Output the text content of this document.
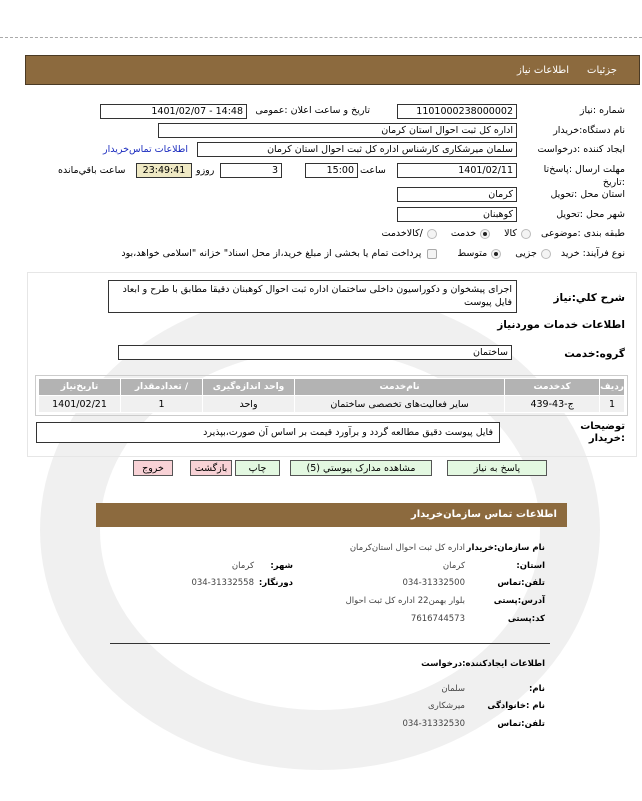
جزئیات
اطلاعات نیاز
شماره :نیاز
1101000238000002
تاریخ و ساعت اعلان :عمومی
1401/02/07 - 14:48
نام دستگاه:خریدار
اداره کل ثبت احوال استان کرمان
ایجاد کننده :درخواست
سلمان میرشکاری کارشناس اداره کل ثبت احوال استان کرمان
اطلاعات تماس‌خریدار
مهلت ارسال :پاسخ‌تا :تاریخ
1401/02/11
ساعت
15:00
3
روزو
23:49:41
ساعت باقي‌مانده
استان محل :تحویل
کرمان
شهر محل :تحویل
کوهبنان
طبقه بندی :موضوعی
کالا
خدمت
/کالاخدمت
نوع فرآیند: خرید
جزیی
متوسط
پرداخت تمام یا بخشی از مبلغ خرید،از محل اسناد" خزانه "اسلامی خواهد،بود
شرح کلي:نیاز
اجرای پیشخوان و دکوراسیون داخلی ساختمان اداره ثبت احوال کوهبنان دقیقا مطابق با طرح و ابعاد فایل پیوست
اطلاعات خدمات موردنیاز
گروه:خدمت
ساختمان
ردیف	کدخدمت	نام‌خدمت	واحد اندازه‌گیری	/ تعداد‌مقدار	تاریخ‌نیاز
1	ج-43-439	سایر فعالیت‌های تخصصی ساختمان	واحد	1	1401/02/21
توضیحات :خریدار
فایل پیوست دقیق مطالعه گردد و برآورد قیمت بر اساس آن صورت،بپذیرد
پاسخ به نیاز
مشاهده مدارک پیوستي (5)
چاپ
بازگشت
خروج
اطلاعات تماس سازمان‌خریدار
نام سازمان:خریدار
اداره کل ثبت احوال استان‌کرمان
استان:
کرمان
شهر:
کرمان
تلفن:تماس
034-31332500
دورنگار:
034-31332558
آدرس:پستی
بلوار بهمن22 اداره کل ثبت احوال
کد:پستی
7616744573
اطلاعات ایجادکننده:درخواست
نام:
سلمان
نام :خانوادگی
میرشکاری
تلفن:تماس
034-31332530
